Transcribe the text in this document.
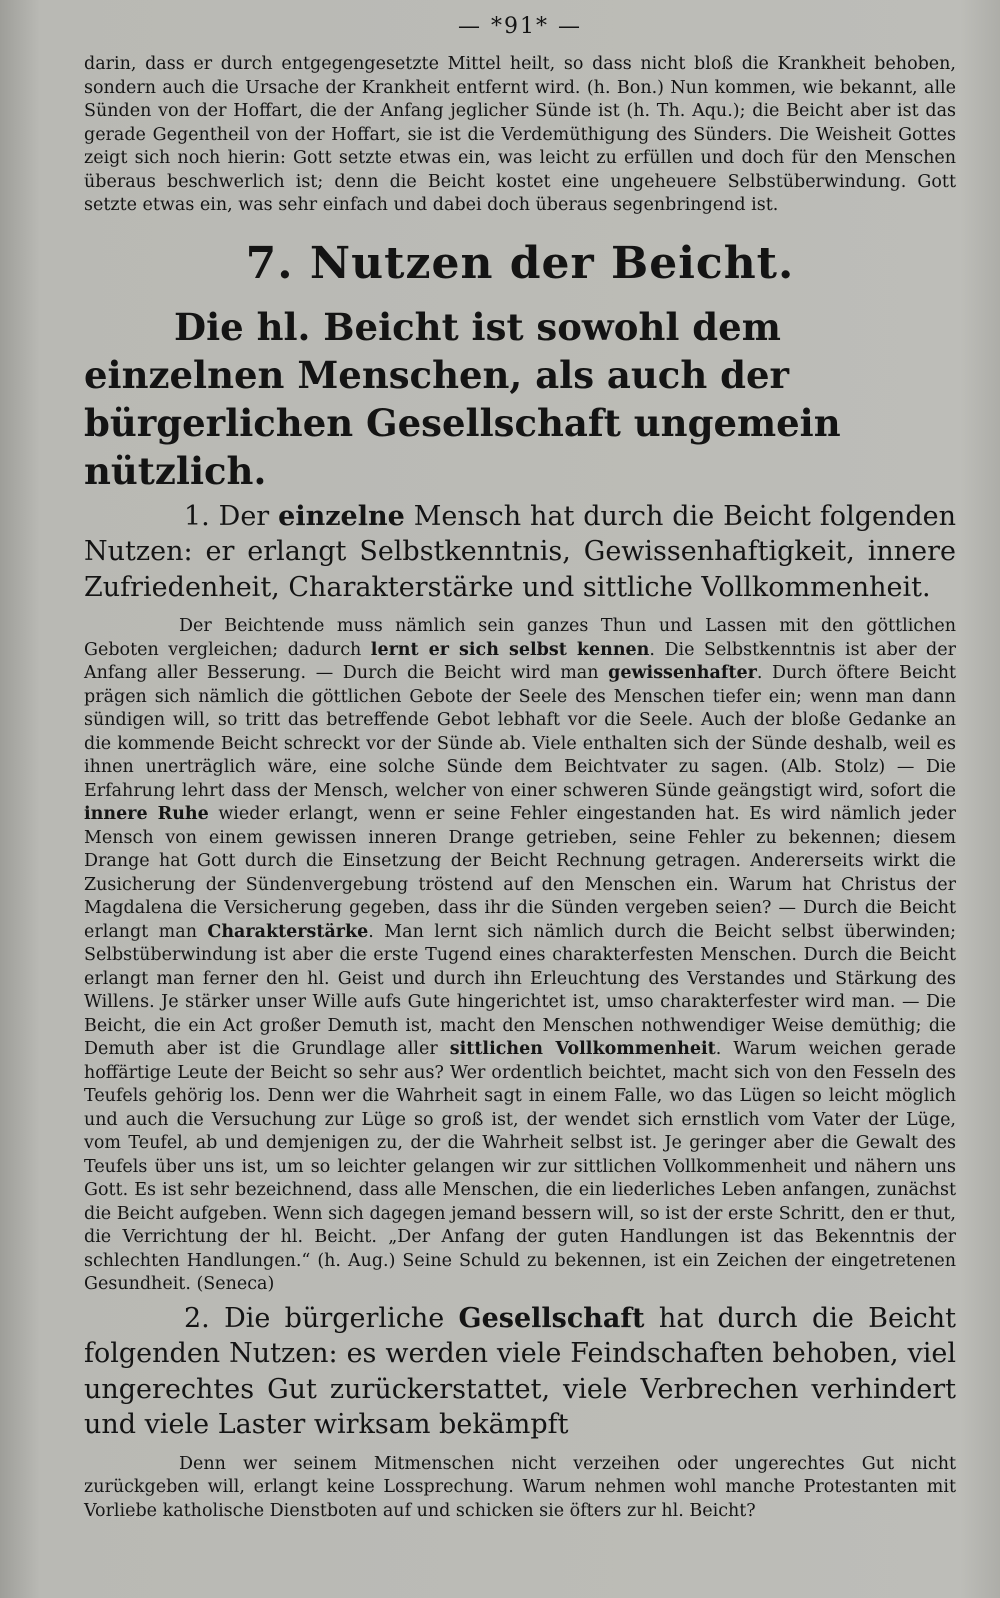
— *91* —

darin, dass er durch entgegengesetzte Mittel heilt, so dass nicht bloß die Krankheit behoben, sondern auch die Ursache der Krankheit entfernt wird. (h. Bon.) Nun kommen, wie bekannt, alle Sünden von der Hoffart, die der Anfang jeglicher Sünde ist (h. Th. Aqu.); die Beicht aber ist das gerade Gegentheil von der Hoffart, sie ist die Verdemüthigung des Sünders. Die Weisheit Gottes zeigt sich noch hierin: Gott setzte etwas ein, was leicht zu erfüllen und doch für den Menschen überaus beschwerlich ist; denn die Beicht kostet eine ungeheuere Selbstüberwindung. Gott setzte etwas ein, was sehr einfach und dabei doch überaus segenbringend ist.

7. Nutzen der Beicht.

Die hl. Beicht ist sowohl dem einzelnen Menschen, als auch der bürgerlichen Gesellschaft ungemein nützlich.

1. Der einzelne Mensch hat durch die Beicht folgenden Nutzen: er erlangt Selbstkenntnis, Gewissenhaftigkeit, innere Zufriedenheit, Charakterstärke und sittliche Vollkommenheit.

Der Beichtende muss nämlich sein ganzes Thun und Lassen mit den göttlichen Geboten vergleichen; dadurch lernt er sich selbst kennen. Die Selbstkenntnis ist aber der Anfang aller Besserung. — Durch die Beicht wird man gewissenhafter. Durch öftere Beicht prägen sich nämlich die göttlichen Gebote der Seele des Menschen tiefer ein; wenn man dann sündigen will, so tritt das betreffende Gebot lebhaft vor die Seele. Auch der bloße Gedanke an die kommende Beicht schreckt vor der Sünde ab. Viele enthalten sich der Sünde deshalb, weil es ihnen unerträglich wäre, eine solche Sünde dem Beichtvater zu sagen. (Alb. Stolz) — Die Erfahrung lehrt dass der Mensch, welcher von einer schweren Sünde geängstigt wird, sofort die innere Ruhe wieder erlangt, wenn er seine Fehler eingestanden hat. Es wird nämlich jeder Mensch von einem gewissen inneren Drange getrieben, seine Fehler zu bekennen; diesem Drange hat Gott durch die Einsetzung der Beicht Rechnung getragen. Andererseits wirkt die Zusicherung der Sündenvergebung tröstend auf den Menschen ein. Warum hat Christus der Magdalena die Versicherung gegeben, dass ihr die Sünden vergeben seien? — Durch die Beicht erlangt man Charakterstärke. Man lernt sich nämlich durch die Beicht selbst überwinden; Selbstüberwindung ist aber die erste Tugend eines charakterfesten Menschen. Durch die Beicht erlangt man ferner den hl. Geist und durch ihn Erleuchtung des Verstandes und Stärkung des Willens. Je stärker unser Wille aufs Gute hingerichtet ist, umso charakterfester wird man. — Die Beicht, die ein Act großer Demuth ist, macht den Menschen nothwendiger Weise demüthig; die Demuth aber ist die Grundlage aller sittlichen Vollkommenheit. Warum weichen gerade hoffärtige Leute der Beicht so sehr aus? Wer ordentlich beichtet, macht sich von den Fesseln des Teufels gehörig los. Denn wer die Wahrheit sagt in einem Falle, wo das Lügen so leicht möglich und auch die Versuchung zur Lüge so groß ist, der wendet sich ernstlich vom Vater der Lüge, vom Teufel, ab und demjenigen zu, der die Wahrheit selbst ist. Je geringer aber die Gewalt des Teufels über uns ist, um so leichter gelangen wir zur sittlichen Vollkommenheit und nähern uns Gott. Es ist sehr bezeichnend, dass alle Menschen, die ein liederliches Leben anfangen, zunächst die Beicht aufgeben. Wenn sich dagegen jemand bessern will, so ist der erste Schritt, den er thut, die Verrichtung der hl. Beicht. „Der Anfang der guten Handlungen ist das Bekenntnis der schlechten Handlungen.“ (h. Aug.) Seine Schuld zu bekennen, ist ein Zeichen der eingetretenen Gesundheit. (Seneca)

2. Die bürgerliche Gesellschaft hat durch die Beicht folgenden Nutzen: es werden viele Feindschaften behoben, viel ungerechtes Gut zurückerstattet, viele Verbrechen verhindert und viele Laster wirksam bekämpft

Denn wer seinem Mitmenschen nicht verzeihen oder ungerechtes Gut nicht zurückgeben will, erlangt keine Lossprechung. Warum nehmen wohl manche Protestanten mit Vorliebe katholische Dienstboten auf und schicken sie öfters zur hl. Beicht?
